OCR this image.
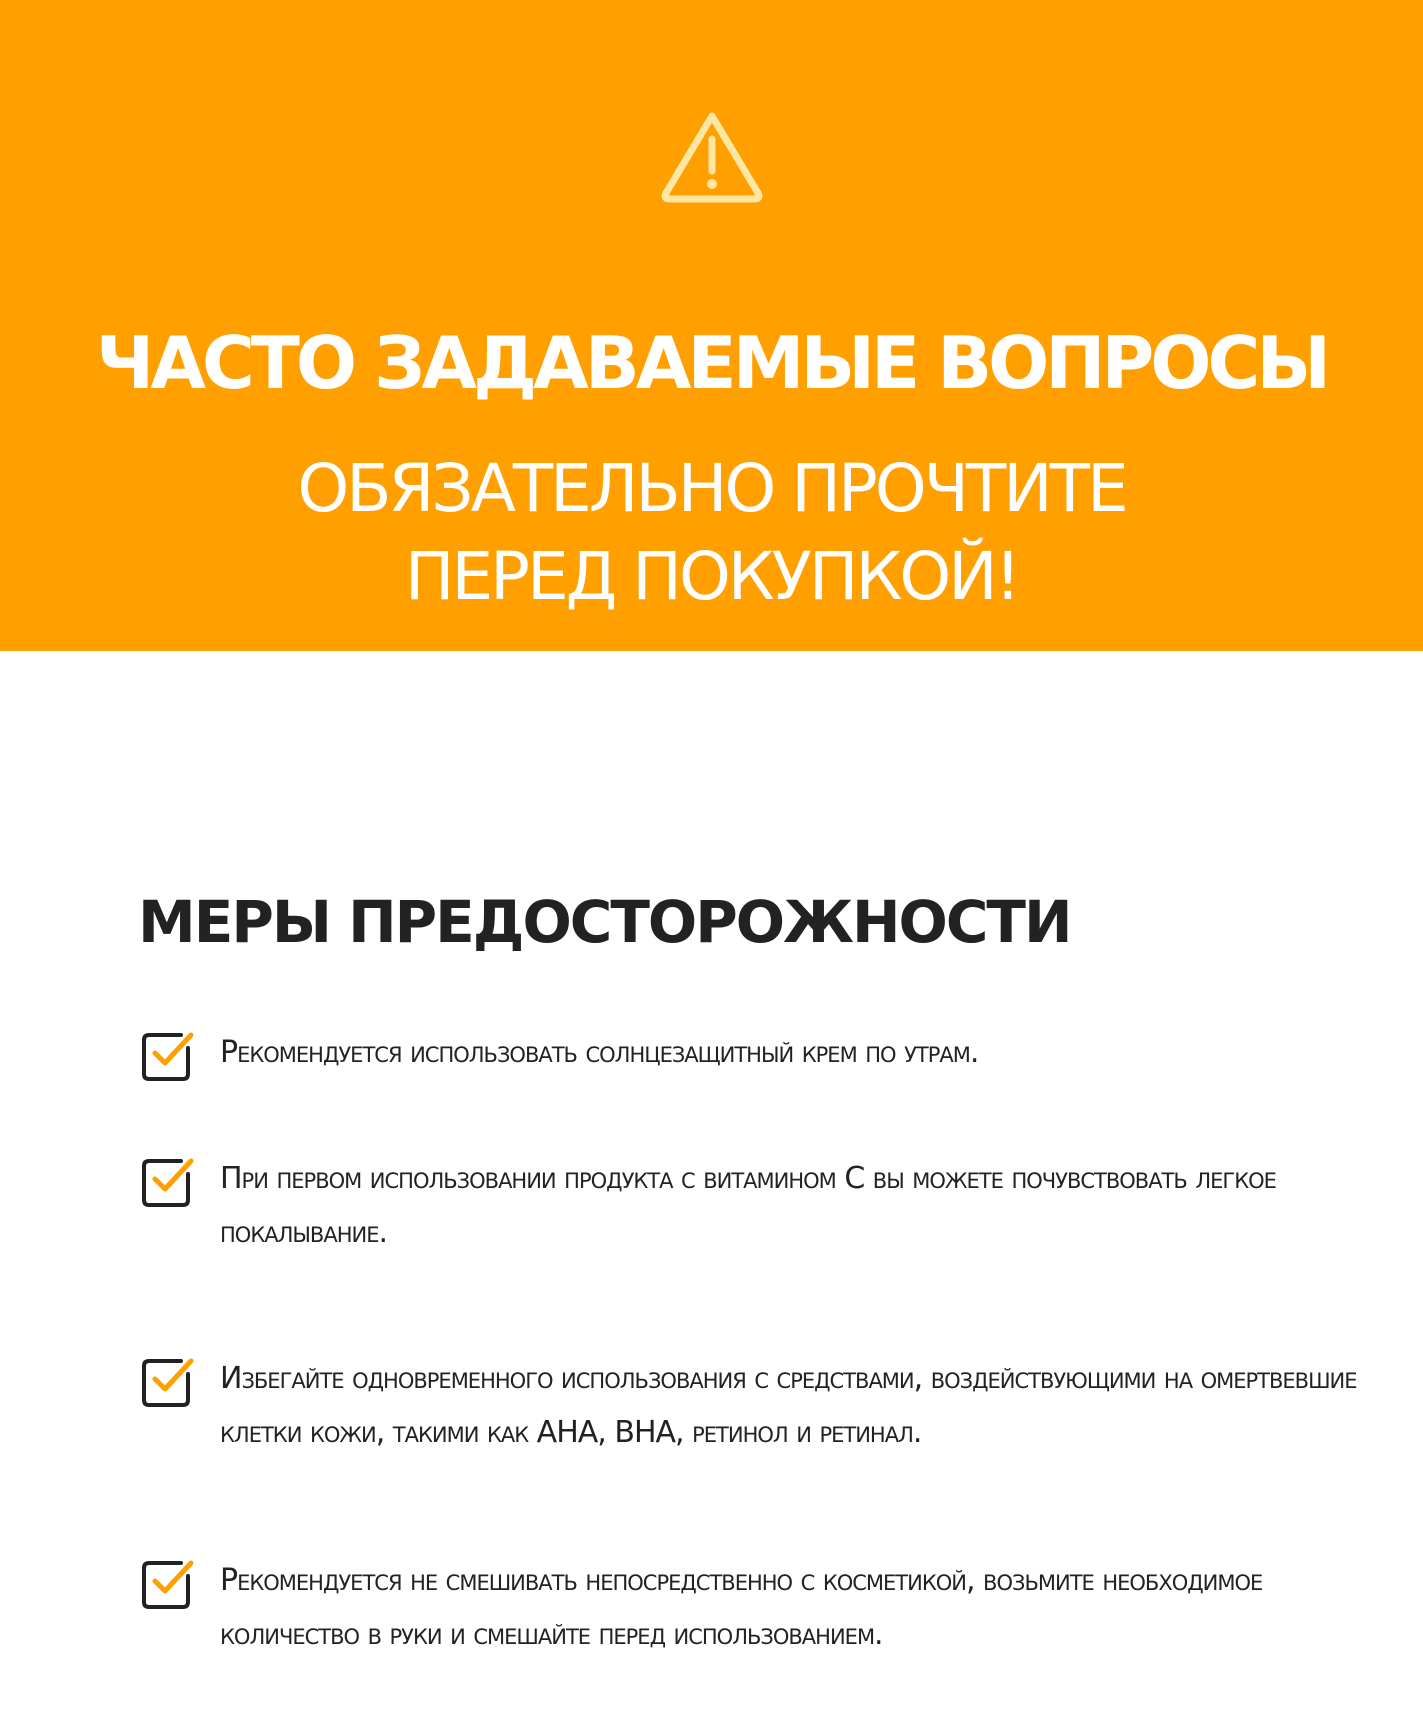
ЧАСТО ЗАДАВАЕМЫЕ ВОПРОСЫ
ОБЯЗАТЕЛЬНО ПРОЧТИТЕ
ПЕРЕД ПОКУПКОЙ!
МЕРЫ ПРЕДОСТОРОЖНОСТИ
Рекомендуется использовать солнцезащитный крем по утрам.
При первом использовании продукта с витамином C вы можете почувствовать легкое покалывание.
Избегайте одновременного использования с средствами, воздействующими на омертвевшие клетки кожи, такими как AHA, BHA, ретинол и ретинал.
Рекомендуется не смешивать непосредственно с косметикой, возьмите необходимое количество в руки и смешайте перед использованием.
